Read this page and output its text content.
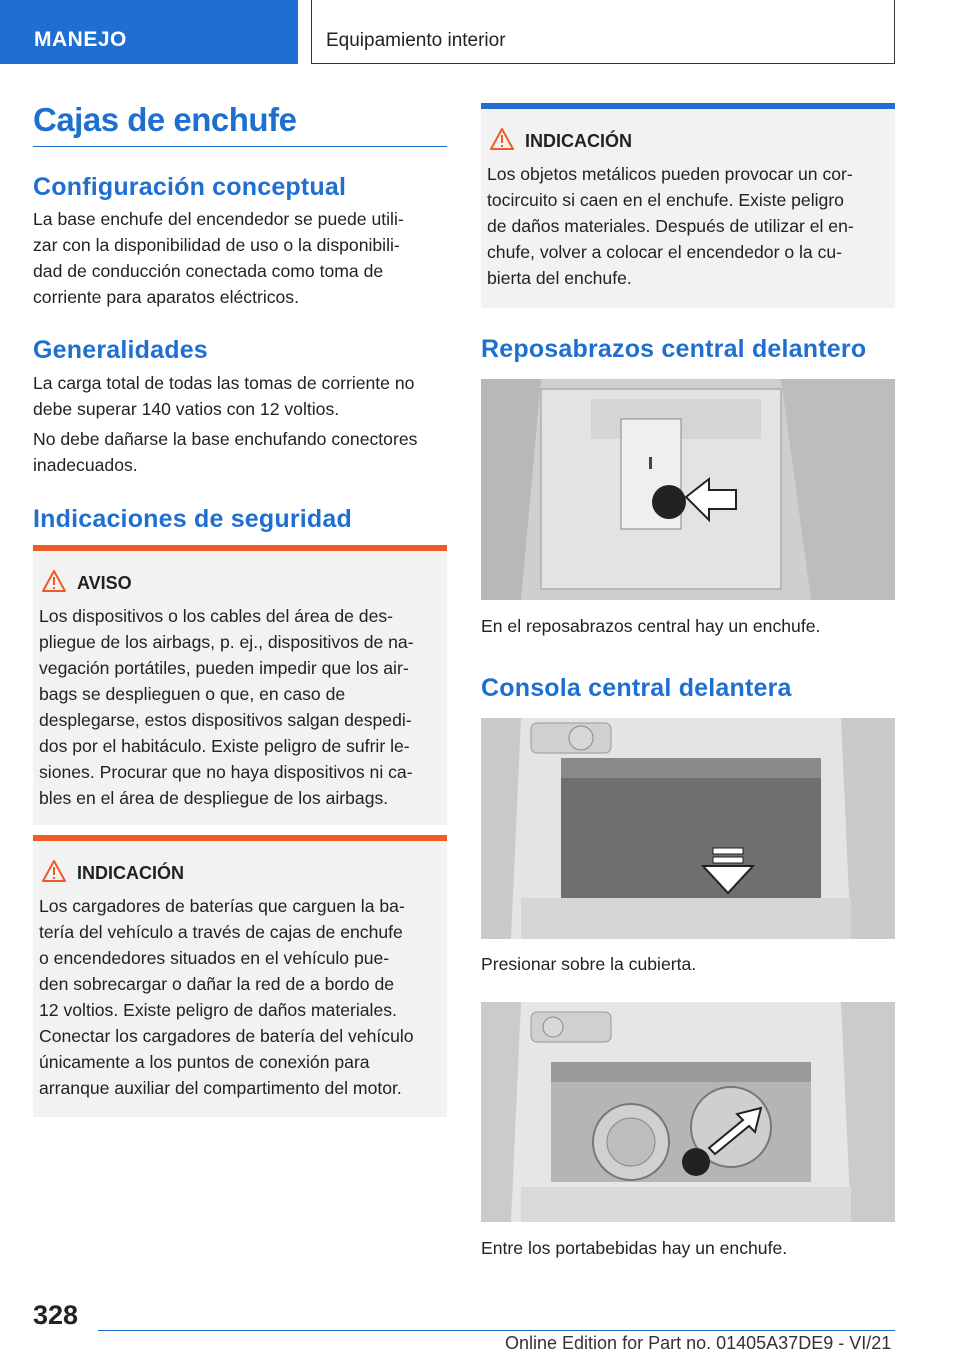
MANEJO	Equipamiento interior
Cajas de enchufe
Configuración conceptual
La base enchufe del encendedor se puede utili‐
zar con la disponibilidad de uso o la disponibili‐
dad de conducción conectada como toma de
corriente para aparatos eléctricos.
Generalidades
La carga total de todas las tomas de corriente no
debe superar 140 vatios con 12 voltios.
No debe dañarse la base enchufando conectores
inadecuados.
Indicaciones de seguridad
AVISO
Los dispositivos o los cables del área de des‐
pliegue de los airbags, p. ej., dispositivos de na‐
vegación portátiles, pueden impedir que los air‐
bags se desplieguen o que, en caso de
desplegarse, estos dispositivos salgan despedi‐
dos por el habitáculo. Existe peligro de sufrir le‐
siones. Procurar que no haya dispositivos ni ca‐
bles en el área de despliegue de los airbags.
INDICACIÓN
Los cargadores de baterías que carguen la ba‐
tería del vehículo a través de cajas de enchufe
o encendedores situados en el vehículo pue‐
den sobrecargar o dañar la red de a bordo de
12 voltios. Existe peligro de daños materiales.
Conectar los cargadores de batería del vehículo
únicamente a los puntos de conexión para
arranque auxiliar del compartimento del motor.
INDICACIÓN
Los objetos metálicos pueden provocar un cor‐
tocircuito si caen en el enchufe. Existe peligro
de daños materiales. Después de utilizar el en‐
chufe, volver a colocar el encendedor o la cu‐
bierta del enchufe.
Reposabrazos central delantero
En el reposabrazos central hay un enchufe.
Consola central delantera
Presionar sobre la cubierta.
Entre los portabebidas hay un enchufe.
328
Online Edition for Part no. 01405A37DE9 - VI/21
